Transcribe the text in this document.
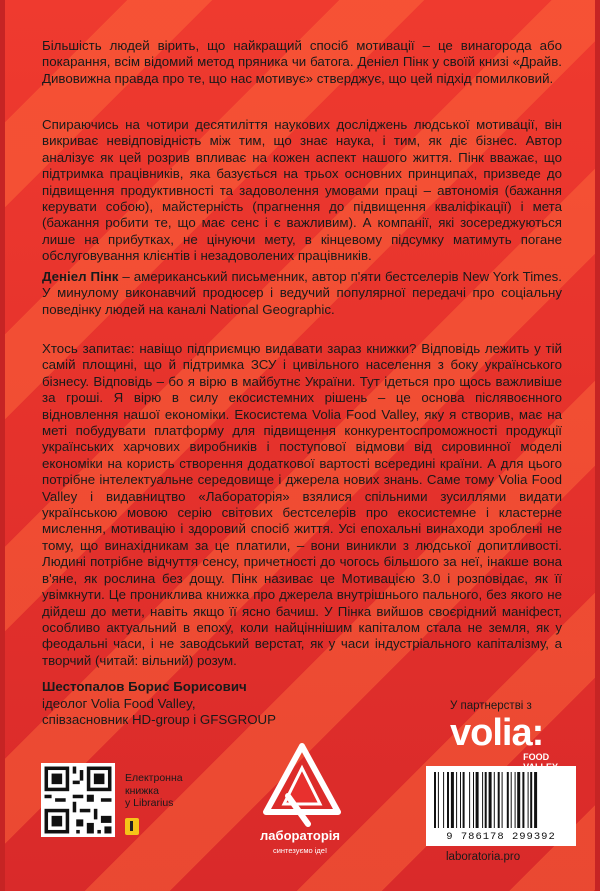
Більшість людей вірить, що найкращий спосіб мотивації – це винагорода або покарання, всім відомий метод пряника чи батога. Деніел Пінк у своїй книзі «Драйв. Дивовижна правда про те, що нас мотивує» стверджує, що цей підхід помилковий.

Спираючись на чотири десятиліття наукових досліджень людської мотивації, він викриває невідповідність між тим, що знає наука, і тим, як діє бізнес. Автор аналізує як цей розрив впливає на кожен аспект нашого життя. Пінк вважає, що підтримка працівників, яка базується на трьох основних принципах, призведе до підвищення продуктивності та задоволення умовами праці – автономія (бажання керувати собою), майстерність (прагнення до підвищення кваліфікації) і мета (бажання робити те, що має сенс і є важливим). А компанії, які зосереджуються лише на прибутках, не цінуючи мету, в кінцевому підсумку матимуть погане обслуговування клієнтів і незадоволених працівників.

Деніел Пінк – американський письменник, автор п'яти бестселерів New York Times. У минулому виконавчий продюсер і ведучий популярної передачі про соціальну поведінку людей на каналі National Geographic.

Хтось запитає: навіщо підприємцю видавати зараз книжки? Відповідь лежить у тій самій площині, що й підтримка ЗСУ і цивільного населення з боку українського бізнесу. Відповідь – бо я вірю в майбутнє України. Тут ідеться про щось важливіше за гроші. Я вірю в силу екосистемних рішень – це основа післявоєнного відновлення нашої економіки. Екосистема Volia Food Valley, яку я створив, має на меті побудувати платформу для підвищення конкурентоспроможності продукції українських харчових виробників і поступової відмови від сировинної моделі економіки на користь створення додаткової вартості всередині країни. А для цього потрібне інтелектуальне середовище і джерела нових знань. Саме тому Volia Food Valley і видавництво «Лабораторія» взялися спільними зусиллями видати українською мовою серію світових бестселерів про екосистемне і кластерне мислення, мотивацію і здоровий спосіб життя. Усі епохальні винаходи зроблені не тому, що винахідникам за це платили, – вони виникли з людської допитливості. Людині потрібне відчуття сенсу, причетності до чогось більшого за неї, інакше вона в'яне, як рослина без дощу. Пінк називає це Мотивацією 3.0 і розповідає, як її увімкнути. Це прониклива книжка про джерела внутрішнього пального, без якого не дійдеш до мети, навіть якщо її ясно бачиш. У Пінка вийшов своєрідний маніфест, особливо актуальний в епоху, коли найціннішим капіталом стала не земля, як у феодальні часи, і не заводський верстат, як у часи індустріального капіталізму, а творчий (читай: вільний) розум.

Шестопалов Борис Борисович
ідеолог Volia Food Valley,
співзасновник HD-group і GFSGROUP
У партнерстві з
volia:
FOOD
Електронна
книжка
у Librarius
лабораторія
синтезуємо ідеї
9 786178 299392
laboratoria.pro
